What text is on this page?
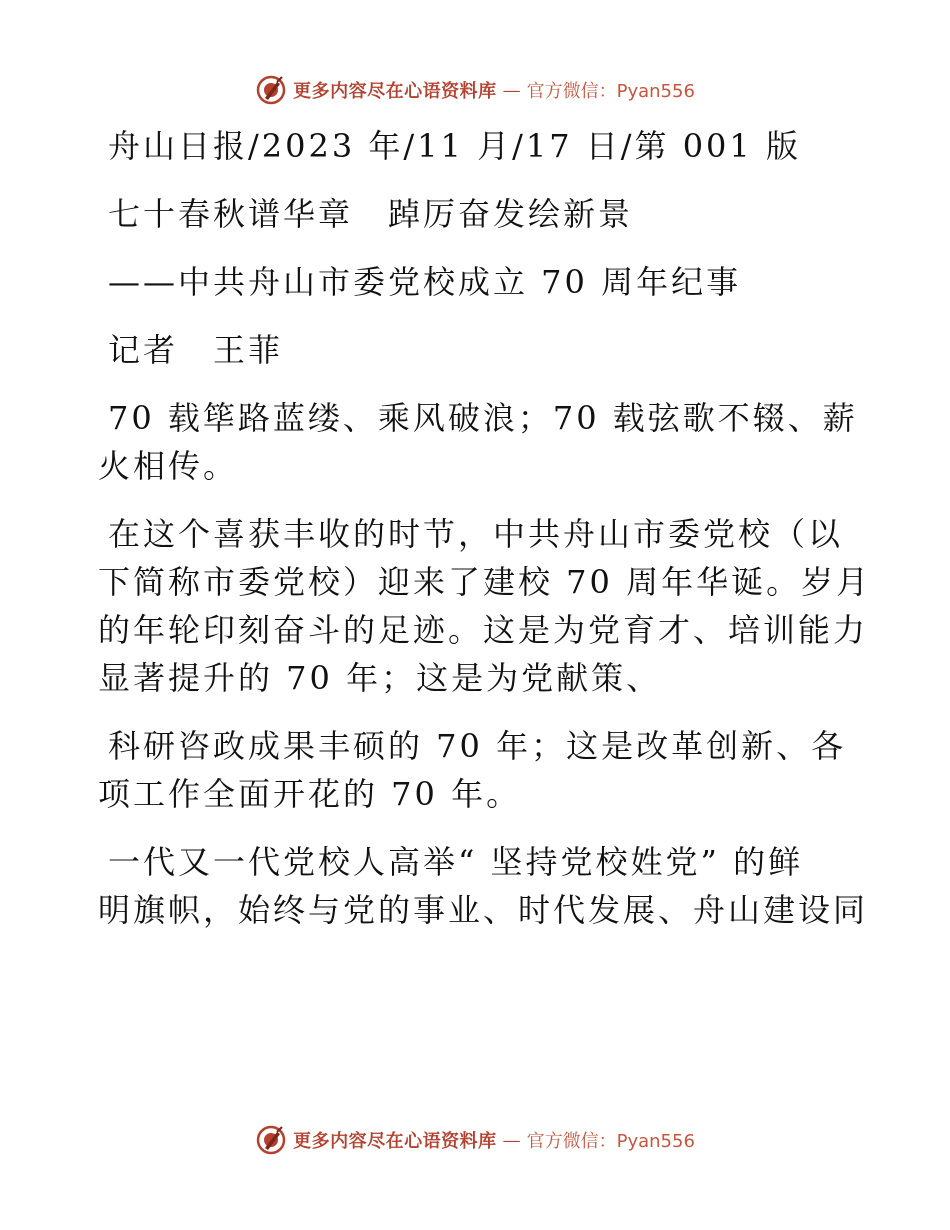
更多内容尽在心语资料库 — 官方微信：Pyan556
舟山日报/2023 年/11 月/17 日/第 001 版
七十春秋谱华章　踔厉奋发绘新景
——中共舟山市委党校成立 70 周年纪事
记者　王菲
70 载筚路蓝缕、乘风破浪；70 载弦歌不辍、薪
火相传。
在这个喜获丰收的时节，中共舟山市委党校（以
下简称市委党校）迎来了建校 70 周年华诞。岁月
的年轮印刻奋斗的足迹。这是为党育才、培训能力
显著提升的 70 年；这是为党献策、
科研咨政成果丰硕的 70 年；这是改革创新、各
项工作全面开花的 70 年。
一代又一代党校人高举“ 坚持党校姓党” 的鲜
明旗帜，始终与党的事业、时代发展、舟山建设同
更多内容尽在心语资料库 — 官方微信：Pyan556
